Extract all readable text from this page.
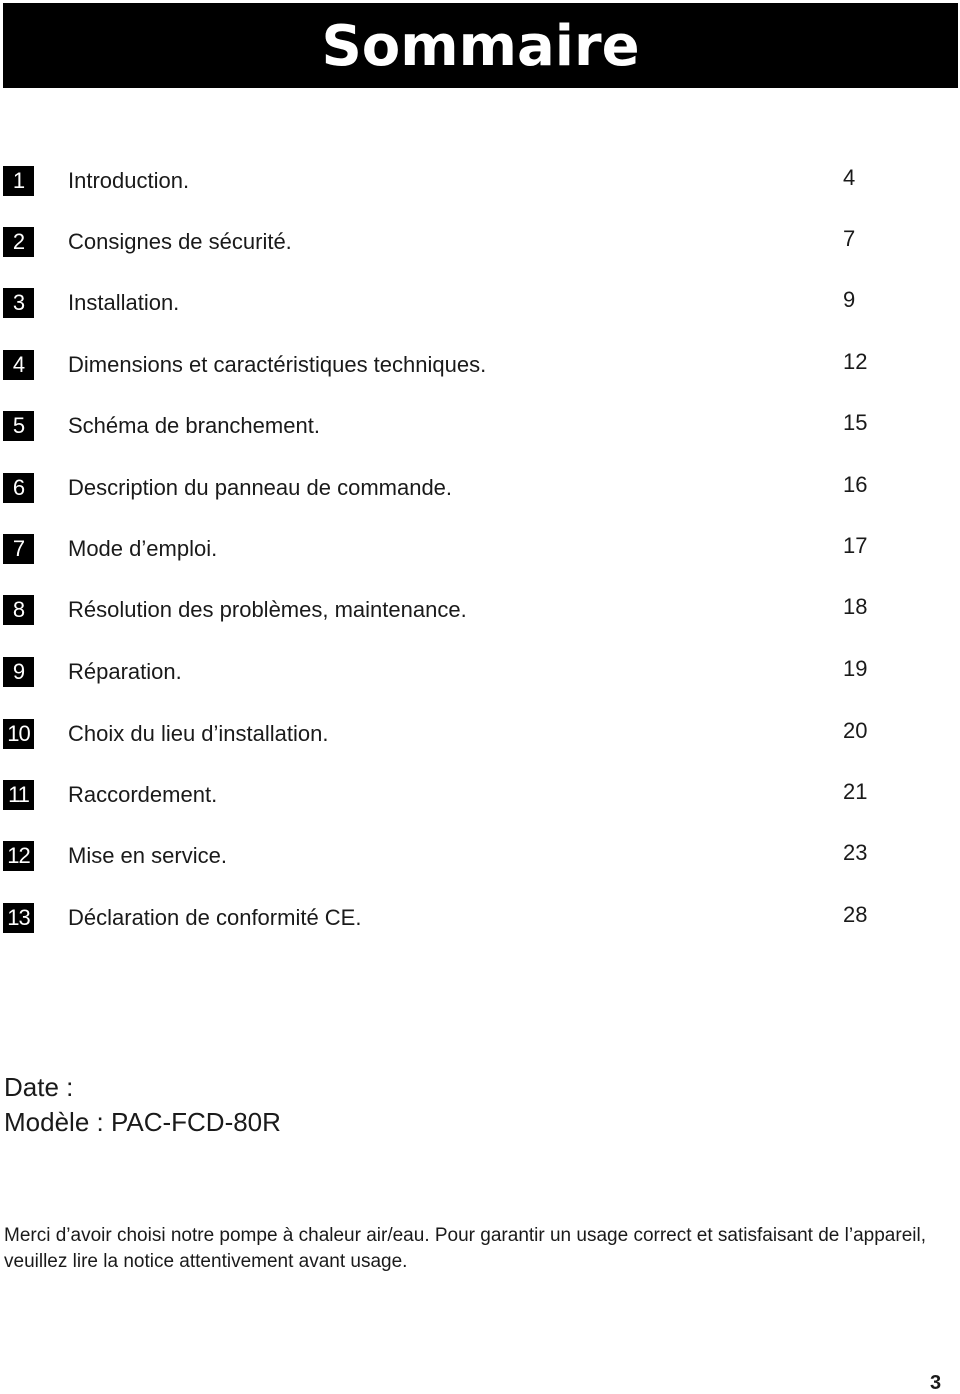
Sommaire
1	Introduction.	4
2	Consignes de sécurité.	7
3	Installation.	9
4	Dimensions et caractéristiques techniques.	12
5	Schéma de branchement.	15
6	Description du panneau de commande.	16
7	Mode d’emploi.	17
8	Résolution des problèmes, maintenance.	18
9	Réparation.	19
10 Choix du lieu d’installation.	20
11 Raccordement.	21
12 Mise en service.	23
13 Déclaration de conformité CE.	28
Date :
Modèle : PAC-FCD-80R
Merci d’avoir choisi notre pompe à chaleur air/eau. Pour garantir un usage correct et satisfaisant de l’appareil, veuillez lire la notice attentivement avant usage.
3
